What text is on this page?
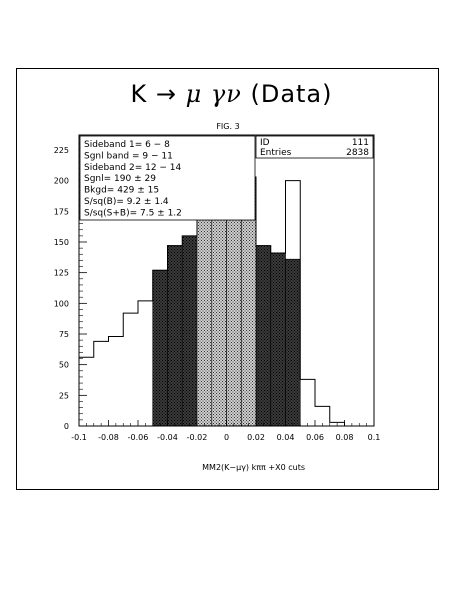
K → μ γν (Data)
FIG. 3
-0.1 -0.08 -0.06 -0.04 -0.02 0 0.02 0.04 0.06 0.08 0.1
0
25
50
75
100
125
150
175
200
225
MM2(K−μγ) kππ +X0 cuts
Sideband 1= 6 − 8
Sgnl band = 9 − 11
Sideband 2= 12 − 14
Sgnl= 190 ± 29
Bkgd= 429 ± 15
S/sq(B)= 9.2 ± 1.4
S/sq(S+B)= 7.5 ± 1.2
ID	111
Entries	2838
